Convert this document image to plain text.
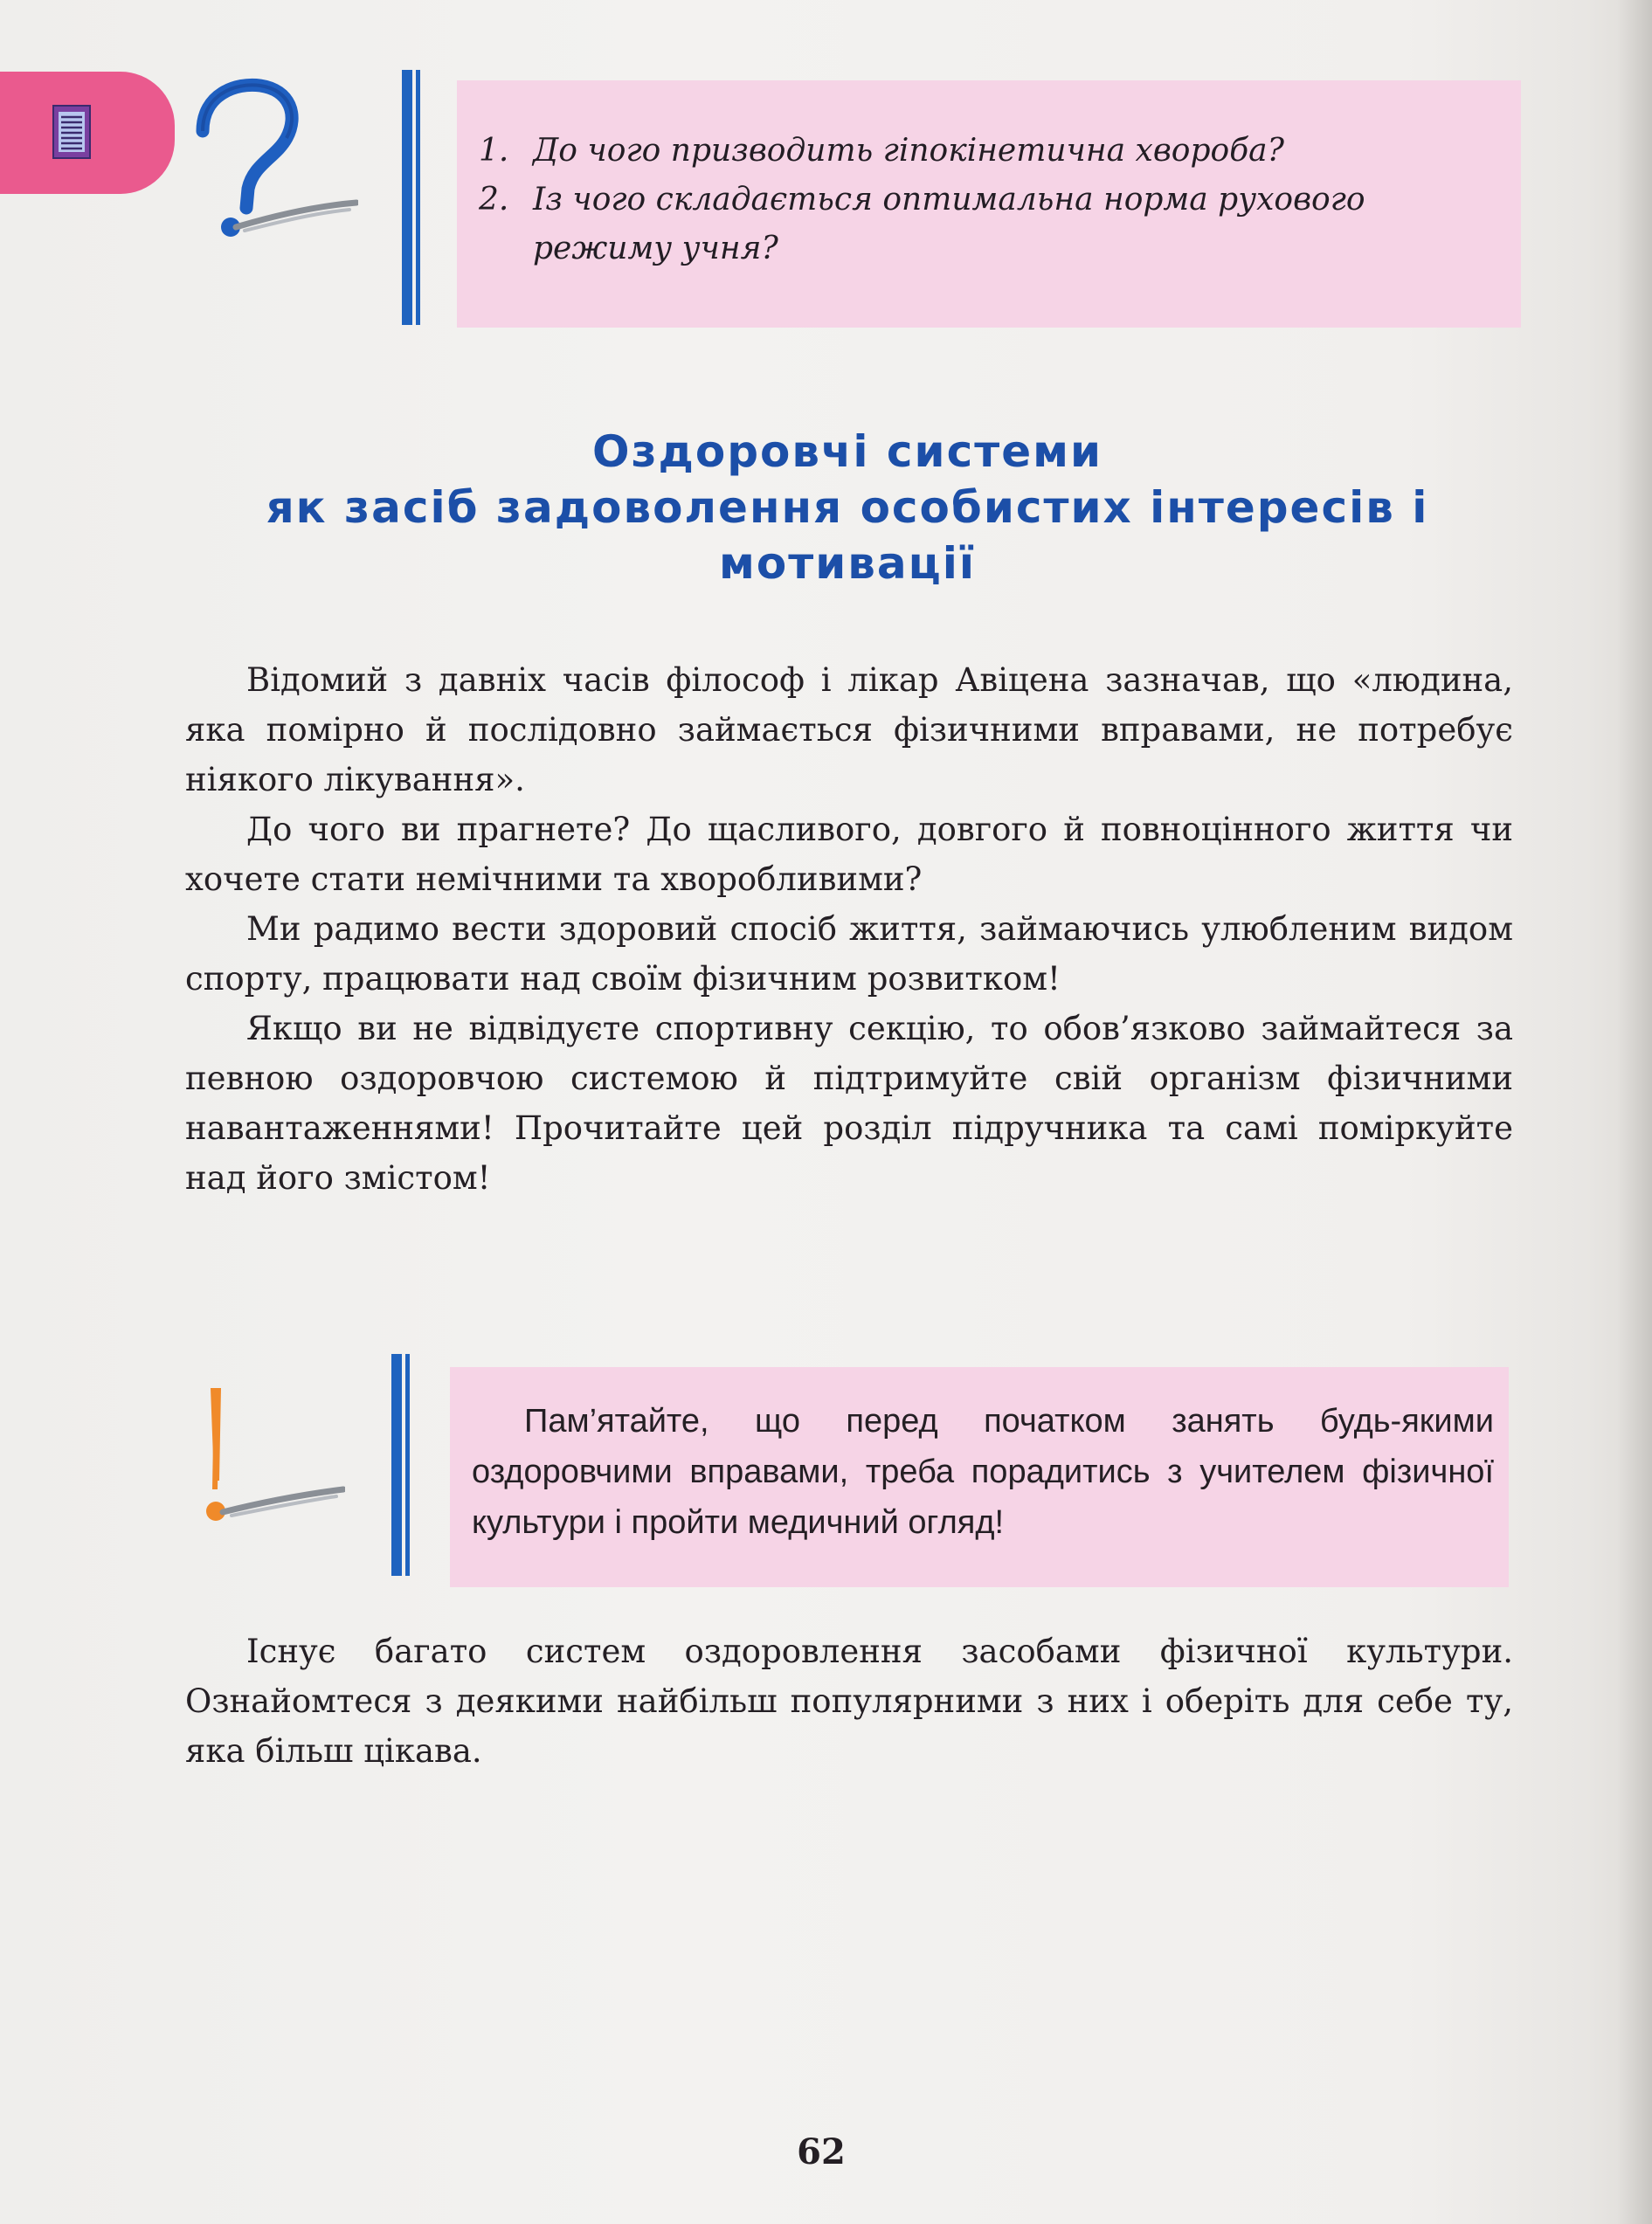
1. До чого призводить гіпокінетична хвороба?
2. Із чого складається оптимальна норма рухового режиму учня?
Оздоровчі системи
як засіб задоволення особистих інтересів і
мотивації

Відомий з давніх часів філософ і лікар Авіцена зазначав, що «людина, яка помірно й послідовно займається фізичними вправами, не потребує ніякого лікування».

До чого ви прагнете? До щасливого, довгого й повноцінного життя чи хочете стати немічними та хворобливими?

Ми радимо вести здоровий спосіб життя, займаючись улюбленим видом спорту, працювати над своїм фізичним розвитком!

Якщо ви не відвідуєте спортивну секцію, то обов’язково займайтеся за певною оздоровчою системою й підтримуйте свій організм фізичними навантаженнями! Прочитайте цей розділ підручника та самі поміркуйте над його змістом!

Пам’ятайте, що перед початком занять будь-якими оздоровчими вправами, треба порадитись з учителем фізичної культури і пройти медичний огляд!

Існує багато систем оздоровлення засобами фізичної культури. Ознайомтеся з деякими найбільш популярними з них і оберіть для себе ту, яка більш цікава.

62
